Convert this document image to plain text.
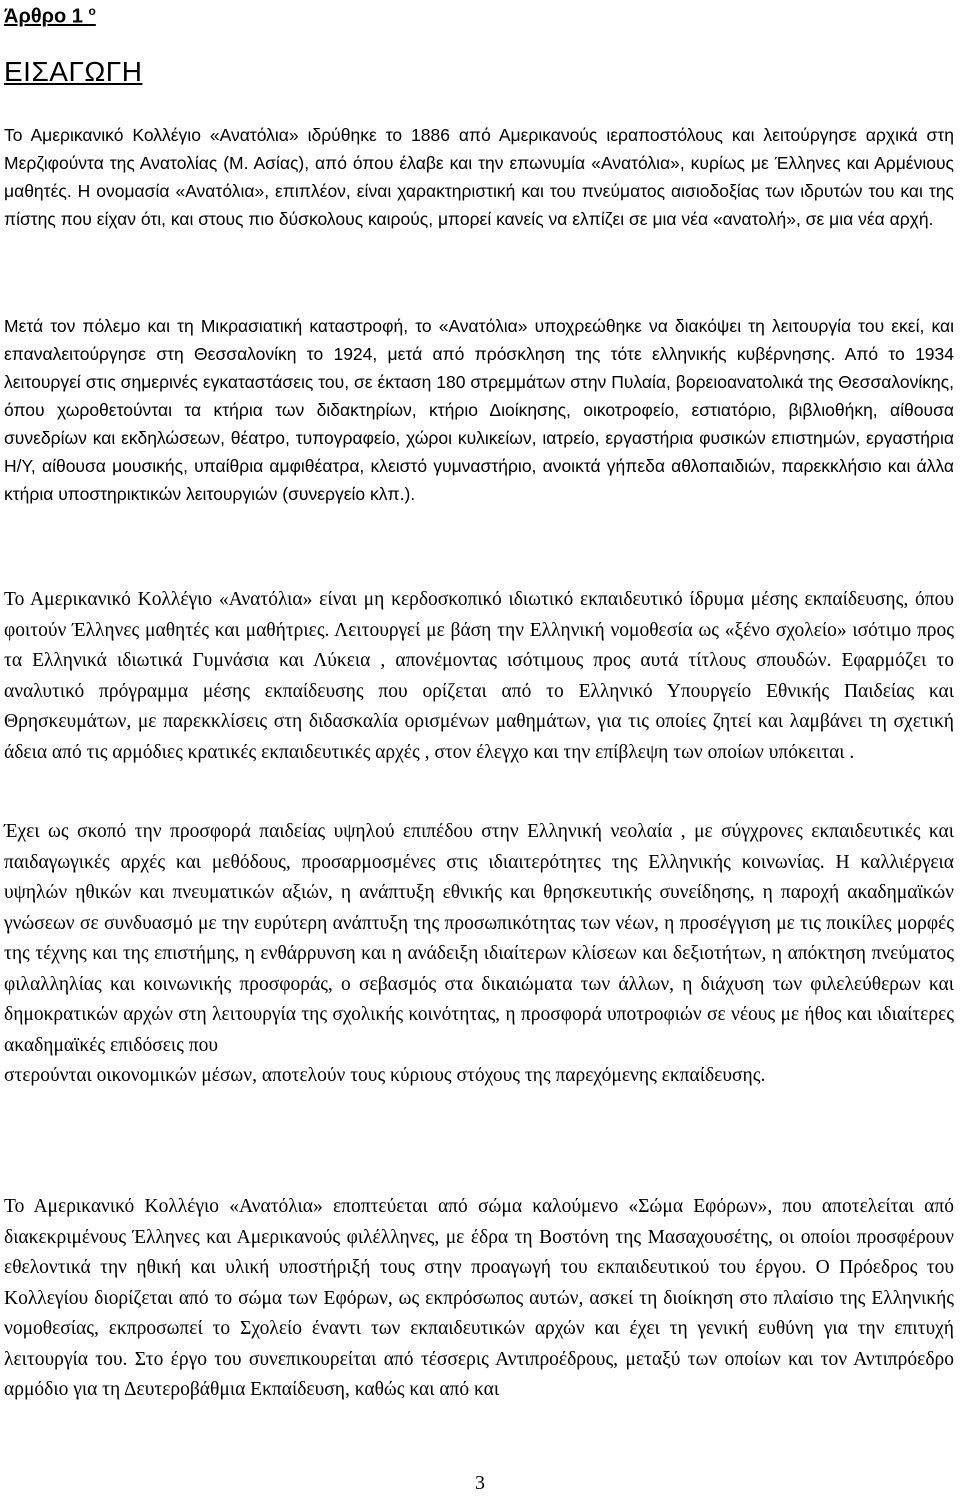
Άρθρο 1 $^o$
ΕΙΣΑΓΩΓΗ

Το Αμερικανικό Κολλέγιο «Ανατόλια» ιδρύθηκε το 1886 από Αμερικανούς ιεραποστόλους και λειτούργησε αρχικά στη Μερζιφούντα της Ανατολίας (Μ. Ασίας), από όπου έλαβε και την επωνυμία «Ανατόλια», κυρίως με Έλληνες και Αρμένιους μαθητές. Η ονομασία «Ανατόλια», επιπλέον, είναι χαρακτηριστική και του πνεύματος αισιοδοξίας των ιδρυτών του και της πίστης που είχαν ότι, και στους πιο δύσκολους καιρούς, μπορεί κανείς να ελπίζει σε μια νέα «ανατολή», σε μια νέα αρχή.

Μετά τον πόλεμο και τη Μικρασιατική καταστροφή, το «Ανατόλια» υποχρεώθηκε να διακόψει τη λειτουργία του εκεί, και επαναλειτούργησε στη Θεσσαλονίκη το 1924, μετά από πρόσκληση της τότε ελληνικής κυβέρνησης. Από το 1934 λειτουργεί στις σημερινές εγκαταστάσεις του, σε έκταση 180 στρεμμάτων στην Πυλαία, βορειοανατολικά της Θεσσαλονίκης, όπου χωροθετούνται τα κτήρια των διδακτηρίων, κτήριο Διοίκησης, οικοτροφείο, εστιατόριο, βιβλιοθήκη, αίθουσα συνεδρίων και εκδηλώσεων, θέατρο, τυπογραφείο, χώροι κυλικείων, ιατρείο, εργαστήρια φυσικών επιστημών, εργαστήρια Η/Υ, αίθουσα μουσικής, υπαίθρια αμφιθέατρα, κλειστό γυμναστήριο, ανοικτά γήπεδα αθλοπαιδιών, παρεκκλήσιο και άλλα κτήρια υποστηρικτικών λειτουργιών (συνεργείο κλπ.).

Το Αμερικανικό Κολλέγιο «Ανατόλια» είναι μη κερδοσκοπικό ιδιωτικό εκπαιδευτικό ίδρυμα μέσης εκπαίδευσης, όπου φοιτούν Έλληνες μαθητές και μαθήτριες. Λειτουργεί με βάση την Ελληνική νομοθεσία ως «ξένο σχολείο» ισότιμο προς τα Ελληνικά ιδιωτικά Γυμνάσια και Λύκεια , απονέμοντας ισότιμους προς αυτά τίτλους σπουδών. Εφαρμόζει το αναλυτικό πρόγραμμα μέσης εκπαίδευσης που ορίζεται από το Ελληνικό Υπουργείο Εθνικής Παιδείας και Θρησκευμάτων, με παρεκκλίσεις στη διδασκαλία ορισμένων μαθημάτων, για τις οποίες ζητεί και λαμβάνει τη σχετική άδεια από τις αρμόδιες κρατικές εκπαιδευτικές αρχές , στον έλεγχο και την επίβλεψη των οποίων υπόκειται .

Έχει ως σκοπό την προσφορά παιδείας υψηλού επιπέδου στην Ελληνική νεολαία , με σύγχρονες εκπαιδευτικές και παιδαγωγικές αρχές και μεθόδους, προσαρμοσμένες στις ιδιαιτερότητες της Ελληνικής κοινωνίας. Η καλλιέργεια υψηλών ηθικών και πνευματικών αξιών, η ανάπτυξη εθνικής και θρησκευτικής συνείδησης, η παροχή ακαδημαϊκών γνώσεων σε συνδυασμό με την ευρύτερη ανάπτυξη της προσωπικότητας των νέων, η προσέγγιση με τις ποικίλες μορφές της τέχνης και της επιστήμης, η ενθάρρυνση και η ανάδειξη ιδιαίτερων κλίσεων και δεξιοτήτων, η απόκτηση πνεύματος φιλαλληλίας και κοινωνικής προσφοράς, ο σεβασμός στα δικαιώματα των άλλων, η διάχυση των φιλελεύθερων και δημοκρατικών αρχών στη λειτουργία της σχολικής κοινότητας, η προσφορά υποτροφιών σε νέους με ήθος και ιδιαίτερες ακαδημαϊκές επιδόσεις που
στερούνται οικονομικών μέσων, αποτελούν τους κύριους στόχους της παρεχόμενης εκπαίδευσης.

Το Αμερικανικό Κολλέγιο «Ανατόλια» εποπτεύεται από σώμα καλούμενο «Σώμα Εφόρων», που αποτελείται από διακεκριμένους Έλληνες και Αμερικανούς φιλέλληνες, με έδρα τη Βοστόνη της Μασαχουσέτης, οι οποίοι προσφέρουν εθελοντικά την ηθική και υλική υποστήριξή τους στην προαγωγή του εκπαιδευτικού του έργου. Ο Πρόεδρος του Κολλεγίου διορίζεται από το σώμα των Εφόρων, ως εκπρόσωπος αυτών, ασκεί τη διοίκηση στο πλαίσιο της Ελληνικής νομοθεσίας, εκπροσωπεί το Σχολείο έναντι των εκπαιδευτικών αρχών και έχει τη γενική ευθύνη για την επιτυχή λειτουργία του. Στο έργο του συνεπικουρείται από τέσσερις Αντιπροέδρους, μεταξύ των οποίων και τον Αντιπρόεδρο αρμόδιο για τη Δευτεροβάθμια Εκπαίδευση, καθώς και από και

3
